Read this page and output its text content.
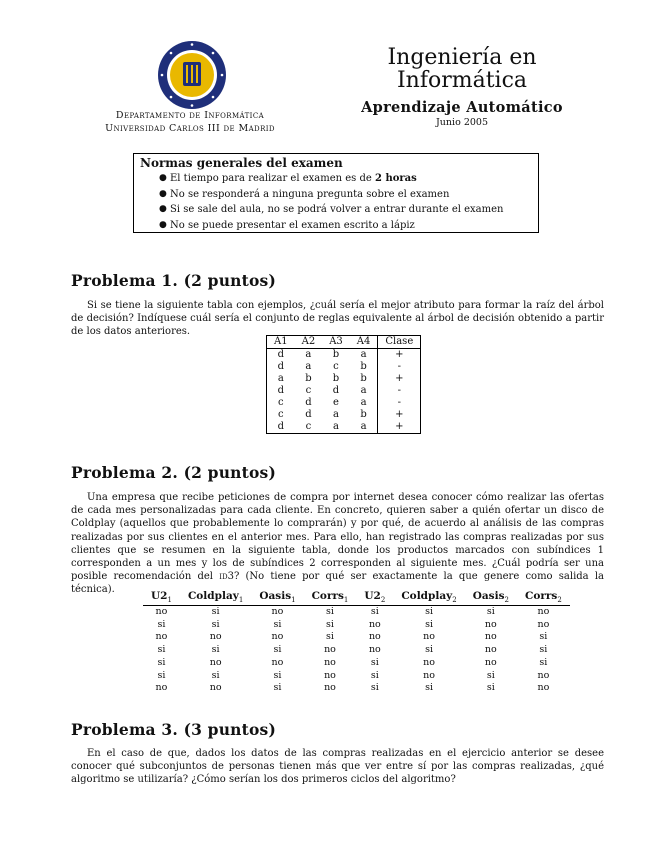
Departamento de Informática
Universidad Carlos III de Madrid
Ingeniería en
Informática
Aprendizaje Automático
Junio 2005
Normas generales del examen
● El tiempo para realizar el examen es de 2 horas
● No se responderá a ninguna pregunta sobre el examen
● Si se sale del aula, no se podrá volver a entrar durante el examen
● No se puede presentar el examen escrito a lápiz
Problema 1. (2 puntos)

Si se tiene la siguiente tabla con ejemplos, ¿cuál sería el mejor atributo para formar la raíz del árbol de decisión? Indíquese cuál sería el conjunto de reglas equivalente al árbol de decisión obtenido a partir de los datos anteriores.

A1	A2	A3	A4	Clase
d	a	b	a	+
d	a	c	b	-
a	b	b	b	+
d	c	d	a	-
c	d	e	a	-
c	d	a	b	+
d	c	a	a	+
Problema 2. (2 puntos)

Una empresa que recibe peticiones de compra por internet desea conocer cómo realizar las ofertas de cada mes personalizadas para cada cliente. En concreto, quieren saber a quién ofertar un disco de Coldplay (aquellos que probablemente lo comprarán) y por qué, de acuerdo al análisis de las compras realizadas por sus clientes en el anterior mes. Para ello, han registrado las compras realizadas por sus clientes que se resumen en la siguiente tabla, donde los productos marcados con subíndices 1 corresponden a un mes y los de subíndices 2 corresponden al siguiente mes. ¿Cuál podría ser una posible recomendación del id3? (No tiene por qué ser exactamente la que genere como salida la técnica).

$U2_1$	Coldplay$_1$	Oasis$_1$	Corrs$_1$	$U2_2$	Coldplay$_2$	Oasis$_2$	Corrs$_2$
no	si	no	si	si	si	si	no
si	si	si	si	no	si	no	no
no	no	no	si	no	no	no	si
si	si	si	no	no	si	no	si
si	no	no	no	si	no	no	si
si	si	si	no	si	no	si	no
no	no	si	no	si	si	si	no
Problema 3. (3 puntos)

En el caso de que, dados los datos de las compras realizadas en el ejercicio anterior se desee conocer qué subconjuntos de personas tienen más que ver entre sí por las compras realizadas, ¿qué algoritmo se utilizaría? ¿Cómo serían los dos primeros ciclos del algoritmo?
